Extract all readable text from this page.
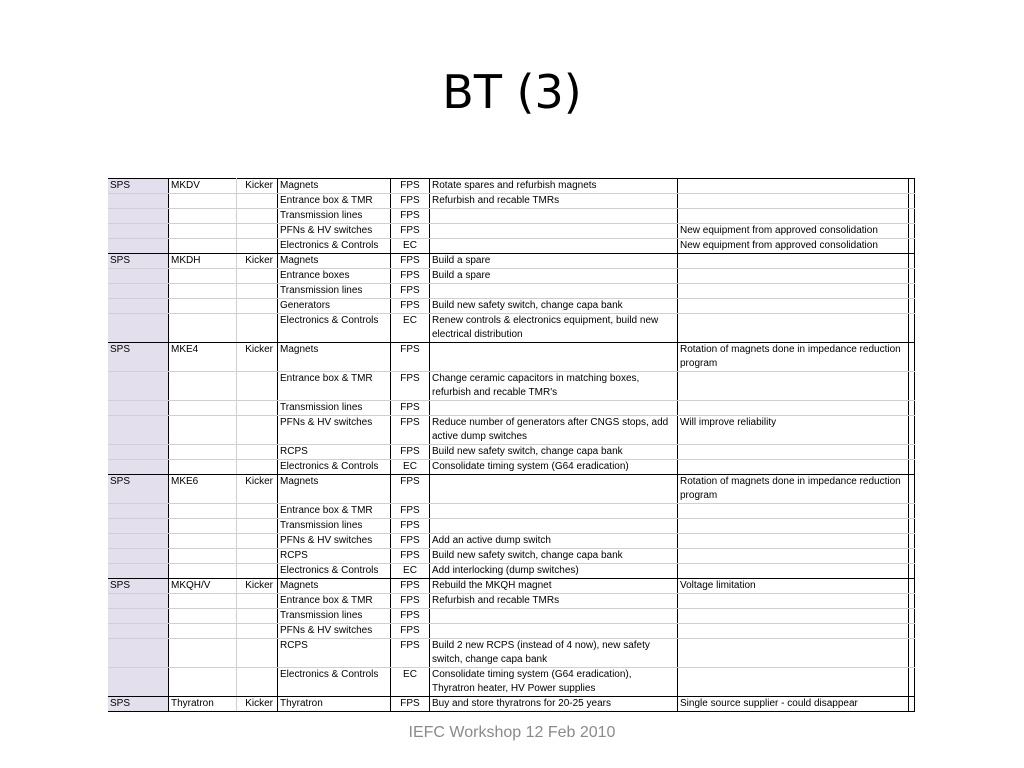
BT (3)
SPS	MKDV	Kicker	Magnets	FPS	Rotate spares and refurbish magnets		
			Entrance box & TMR	FPS	Refurbish and recable TMRs		
			Transmission lines	FPS			
			PFNs & HV switches	FPS		New equipment from approved consolidation	
			Electronics & Controls	EC		New equipment from approved consolidation	
SPS	MKDH	Kicker	Magnets	FPS	Build a spare		
			Entrance boxes	FPS	Build a spare		
			Transmission lines	FPS			
			Generators	FPS	Build new safety switch, change capa bank		
			Electronics & Controls	EC	Renew controls & electronics equipment, build new electrical distribution		
SPS	MKE4	Kicker	Magnets	FPS		Rotation of magnets done in impedance reduction program	
			Entrance box & TMR	FPS	Change ceramic capacitors in matching boxes, refurbish and recable TMR's		
			Transmission lines	FPS			
			PFNs & HV switches	FPS	Reduce number of generators after CNGS stops, add active dump switches	Will improve reliability	
			RCPS	FPS	Build new safety switch, change capa bank		
			Electronics & Controls	EC	Consolidate timing system (G64 eradication)		
SPS	MKE6	Kicker	Magnets	FPS		Rotation of magnets done in impedance reduction program	
			Entrance box & TMR	FPS			
			Transmission lines	FPS			
			PFNs & HV switches	FPS	Add an active dump switch		
			RCPS	FPS	Build new safety switch, change capa bank		
			Electronics & Controls	EC	Add interlocking (dump switches)		
SPS	MKQH/V	Kicker	Magnets	FPS	Rebuild the MKQH magnet	Voltage limitation	
			Entrance box & TMR	FPS	Refurbish and recable TMRs		
			Transmission lines	FPS			
			PFNs & HV switches	FPS			
			RCPS	FPS	Build 2 new RCPS (instead of 4 now), new safety switch, change capa bank		
			Electronics & Controls	EC	Consolidate timing system (G64 eradication), Thyratron heater, HV Power supplies		
SPS	Thyratron	Kicker	Thyratron	FPS	Buy and store thyratrons for 20-25 years	Single source supplier - could disappear	
IEFC Workshop 12 Feb 2010
